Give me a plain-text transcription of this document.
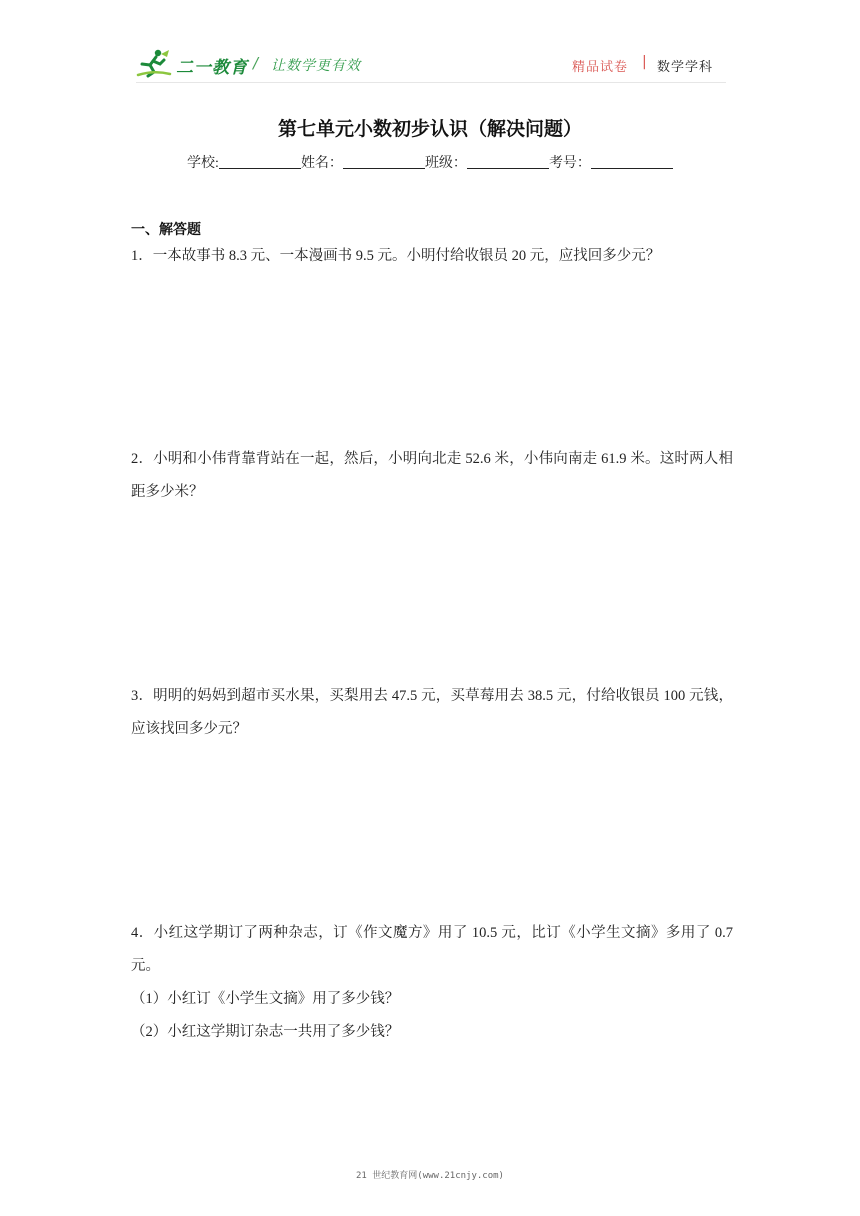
二一教育 / 让数学更有效	精品试卷 | 数学学科
第七单元小数初步认识（解决问题）
学校:	姓名：	班级：	考号：
一、解答题
1．一本故事书 8.3 元、一本漫画书 9.5 元。小明付给收银员 20 元，应找回多少元？
2．小明和小伟背靠背站在一起，然后，小明向北走 52.6 米，小伟向南走 61.9 米。这时两人相距多少米？
3．明明的妈妈到超市买水果，买梨用去 47.5 元，买草莓用去 38.5 元，付给收银员 100 元钱，应该找回多少元？
4．小红这学期订了两种杂志，订《作文魔方》用了 10.5 元，比订《小学生文摘》多用了 0.7 元。
（1）小红订《小学生文摘》用了多少钱？
（2）小红这学期订杂志一共用了多少钱？
21 世纪教育网(www.21cnjy.com)
